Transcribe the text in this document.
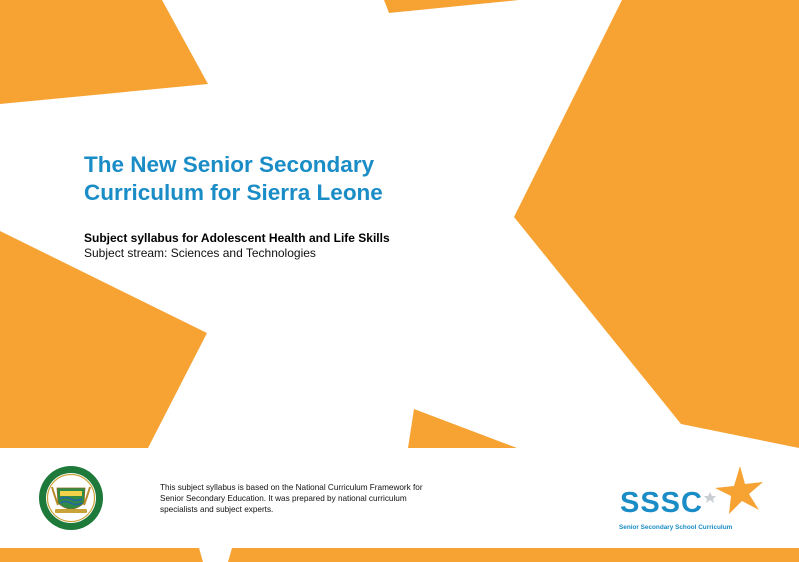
The New Senior Secondary
Curriculum for Sierra Leone

Subject syllabus for Adolescent Health and Life Skills

Subject stream: Sciences and Technologies

This subject syllabus is based on the National Curriculum Framework for Senior Secondary Education. It was prepared by national curriculum specialists and subject experts.	SSSC

Senior Secondary School Curriculum
